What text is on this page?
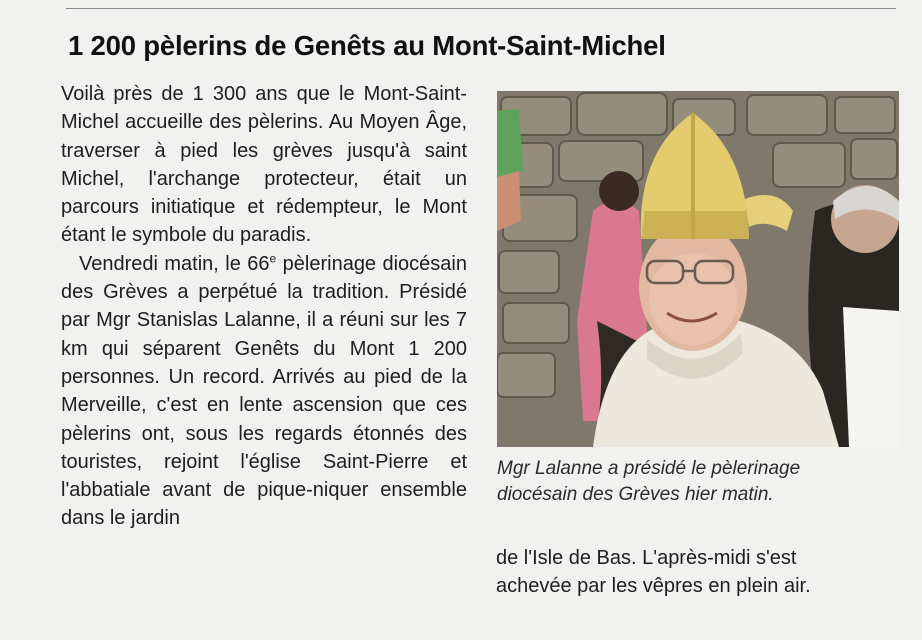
1 200 pèlerins de Genêts au Mont-Saint-Michel

Voilà près de 1 300 ans que le Mont-Saint-Michel accueille des pèlerins. Au Moyen Âge, traverser à pied les grèves jusqu'à saint Michel, l'archange protecteur, était un parcours initiatique et rédempteur, le Mont étant le symbole du paradis.

Vendredi matin, le 66e pèlerinage diocésain des Grèves a perpétué la tradition. Présidé par Mgr Stanislas Lalanne, il a réuni sur les 7 km qui séparent Genêts du Mont 1 200 personnes. Un record. Arrivés au pied de la Merveille, c'est en lente ascension que ces pèlerins ont, sous les regards étonnés des touristes, rejoint l'église Saint-Pierre et l'abbatiale avant de pique-niquer ensemble dans le jardin

Mgr Lalanne a présidé le pèlerinage
diocésain des Grèves hier matin.

de l'Isle de Bas. L'après-midi s'est
achevée par les vêpres en plein air.
